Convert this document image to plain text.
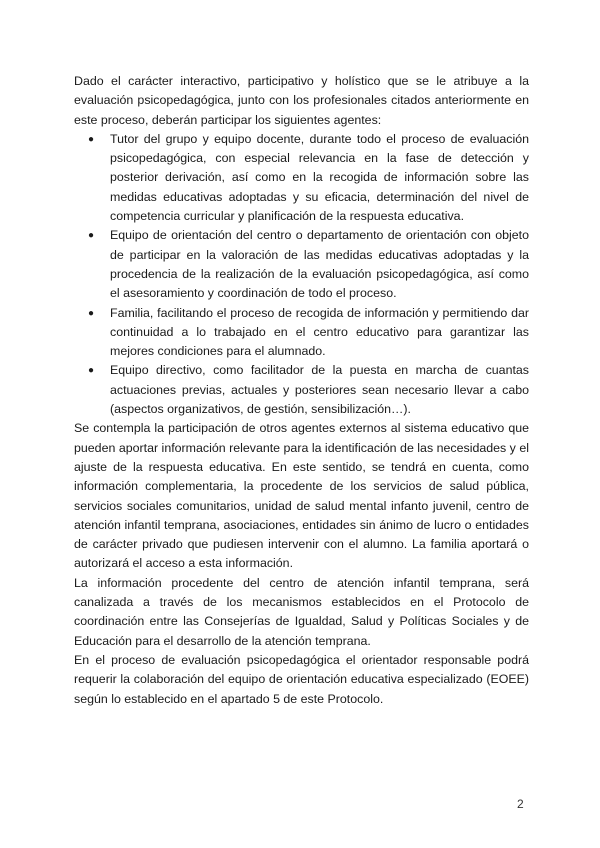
Dado el carácter interactivo, participativo y holístico que se le atribuye a la evaluación psicopedagógica, junto con los profesionales citados anteriormente en este proceso, deberán participar los siguientes agentes:

● Tutor del grupo y equipo docente, durante todo el proceso de evaluación psicopedagógica, con especial relevancia en la fase de detección y posterior derivación, así como en la recogida de información sobre las medidas educativas adoptadas y su eficacia, determinación del nivel de competencia curricular y planificación de la respuesta educativa.
● Equipo de orientación del centro o departamento de orientación con objeto de participar en la valoración de las medidas educativas adoptadas y la procedencia de la realización de la evaluación psicopedagógica, así como el asesoramiento y coordinación de todo el proceso.
● Familia, facilitando el proceso de recogida de información y permitiendo dar continuidad a lo trabajado en el centro educativo para garantizar las mejores condiciones para el alumnado.
● Equipo directivo, como facilitador de la puesta en marcha de cuantas actuaciones previas, actuales y posteriores sean necesario llevar a cabo (aspectos organizativos, de gestión, sensibilización…).

Se contempla la participación de otros agentes externos al sistema educativo que pueden aportar información relevante para la identificación de las necesidades y el ajuste de la respuesta educativa. En este sentido, se tendrá en cuenta, como información complementaria, la procedente de los servicios de salud pública, servicios sociales comunitarios, unidad de salud mental infanto juvenil, centro de atención infantil temprana, asociaciones, entidades sin ánimo de lucro o entidades de carácter privado que pudiesen intervenir con el alumno. La familia aportará o autorizará el acceso a esta información.

La información procedente del centro de atención infantil temprana, será canalizada a través de los mecanismos establecidos en el Protocolo de coordinación entre las Consejerías de Igualdad, Salud y Políticas Sociales y de Educación para el desarrollo de la atención temprana.

En el proceso de evaluación psicopedagógica el orientador responsable podrá requerir la colaboración del equipo de orientación educativa especializado (EOEE) según lo establecido en el apartado 5 de este Protocolo.

2
